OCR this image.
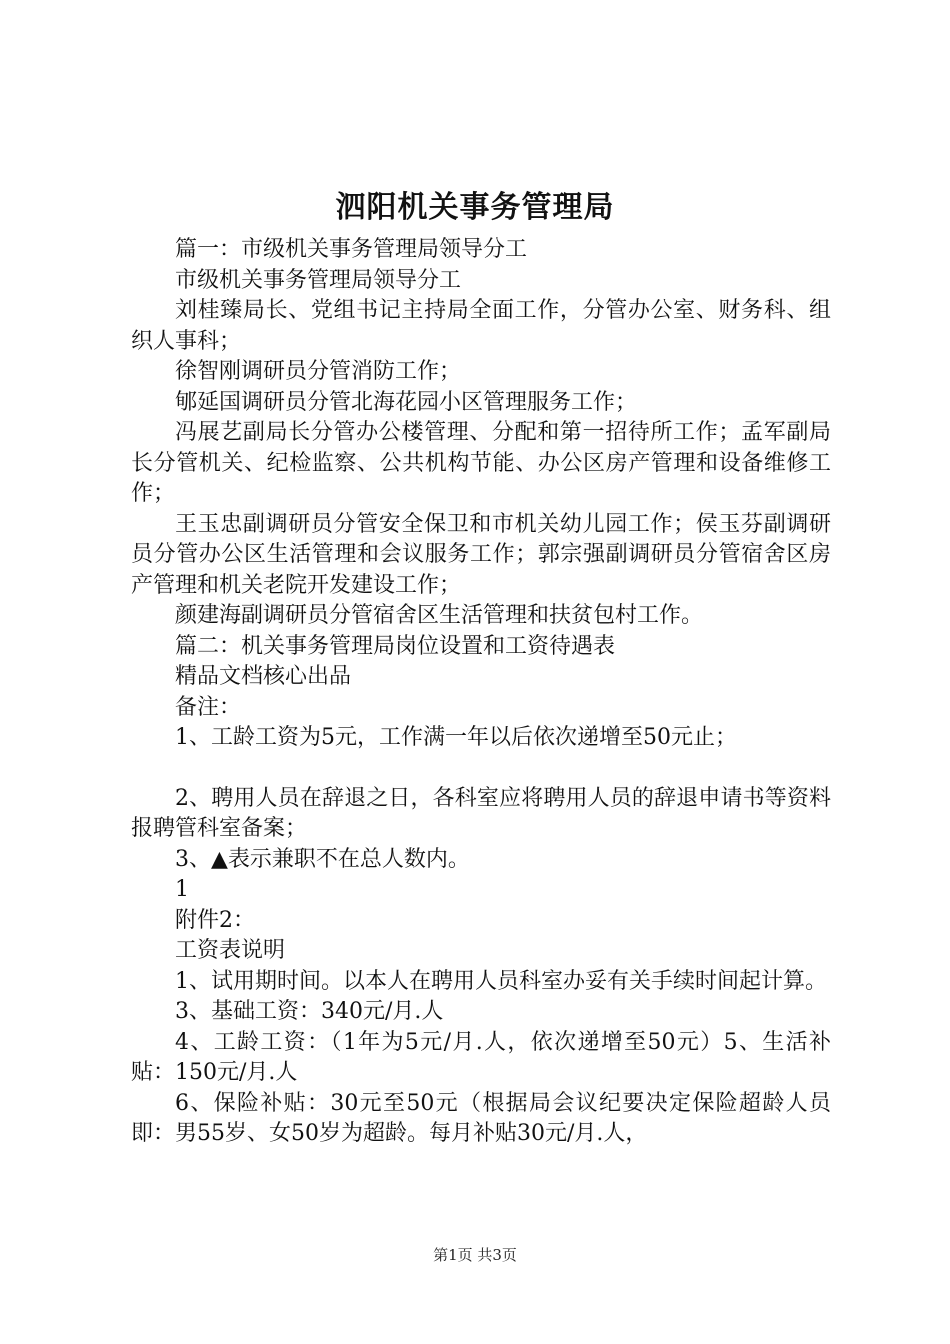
泗阳机关事务管理局

篇一：市级机关事务管理局领导分工

市级机关事务管理局领导分工

刘桂臻局长、党组书记主持局全面工作，分管办公室、财务科、组织人事科；

徐智刚调研员分管消防工作；

郇延国调研员分管北海花园小区管理服务工作；

冯展艺副局长分管办公楼管理、分配和第一招待所工作；孟军副局长分管机关、纪检监察、公共机构节能、办公区房产管理和设备维修工作；

王玉忠副调研员分管安全保卫和市机关幼儿园工作；侯玉芬副调研员分管办公区生活管理和会议服务工作；郭宗强副调研员分管宿舍区房产管理和机关老院开发建设工作；

颜建海副调研员分管宿舍区生活管理和扶贫包村工作。

篇二：机关事务管理局岗位设置和工资待遇表

精品文档核心出品

备注：

1、工龄工资为5元，工作满一年以后依次递增至50元止；

2、聘用人员在辞退之日，各科室应将聘用人员的辞退申请书等资料报聘管科室备案；

3、▲表示兼职不在总人数内。

1

附件2：

工资表说明

1、试用期时间。以本人在聘用人员科室办妥有关手续时间起计算。

3、基础工资：340元/月.人

4、工龄工资：（1年为5元/月.人，依次递增至50元）5、生活补贴：150元/月.人

6、保险补贴：30元至50元（根据局会议纪要决定保险超龄人员即：男55岁、女50岁为超龄。每月补贴30元/月.人，

第1页 共3页
